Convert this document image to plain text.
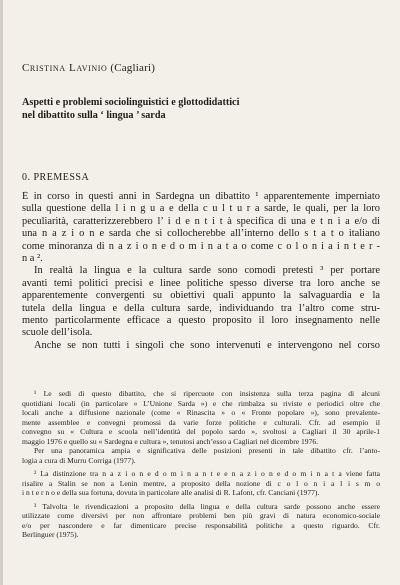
Cristina Lavinio (Cagliari)
Aspetti e problemi sociolinguistici e glottodidattici
nel dibattito sulla ‘ lingua ’ sarda
0. PREMESSA
È in corso in questi anni in Sardegna un dibattito ¹ apparentemente imperniato
sulla questione della l i n g u a e della c u l t u r a sarde, le quali, per la loro
peculiarità, caratterizzerebbero l’ i d e n t i t à specifica di una e t n i a e/o di
una n a z i o n e sarda che si collocherebbe all’interno dello s t a t o italiano
come minoranza di n a z i o n e d o m i n a t a o come c o l o n i a i n t e r -
n a ².
In realtà la lingua e la cultura sarde sono comodi pretesti ³ per portare
avanti temi politici precisi e linee politiche spesso diverse tra loro anche se
apparentemente convergenti su obiettivi quali appunto la salvaguardia e la
tutela della lingua e della cultura sarde, individuando tra l’altro come stru-
mento particolarmente efficace a questo proposito il loro insegnamento nelle
scuole dell’isola.
Anche se non tutti i singoli che sono intervenuti e intervengono nel corso
¹ Le sedi di questo dibattito, che si ripercuote con insistenza sulla terza pagina di alcuni
quotidiani locali (in particolare « L’Unione Sarda ») e che rimbalza su riviste e periodici oltre che
locali anche a diffusione nazionale (come « Rinascita » o « Fronte popolare »), sono prevalente-
mente assemblee e convegni promossi da varie forze politiche e culturali. Cfr. ad esempio il
convegno su « Cultura e scuola nell’identità del popolo sardo », svoltosi a Cagliari il 30 aprile-1
maggio 1976 e quello su « Sardegna e cultura », tenutosi anch’esso a Cagliari nel dicembre 1976.
Per una panoramica ampia e significativa delle posizioni presenti in tale dibattito cfr. l’anto-
logia a cura di Murru Corriga (1977).
² La distinzione tra n a z i o n e d o m i n a n t e e n a z i o n e d o m i n a t a viene fatta
risalire a Stalin se non a Lenin mentre, a proposito della nozione di c o l o n i a l i s m o
i n t e r n o e della sua fortuna, dovuta in particolare alle analisi di R. Lafont, cfr. Canciani (1977).
³ Talvolta le rivendicazioni a proposito della lingua e della cultura sarde possono anche essere
utilizzate come diversivi per non affrontare problemi ben più gravi di natura economico-sociale
e/o per nascondere e far dimenticare precise responsabilità politiche a questo riguardo. Cfr.
Berlinguer (1975).
